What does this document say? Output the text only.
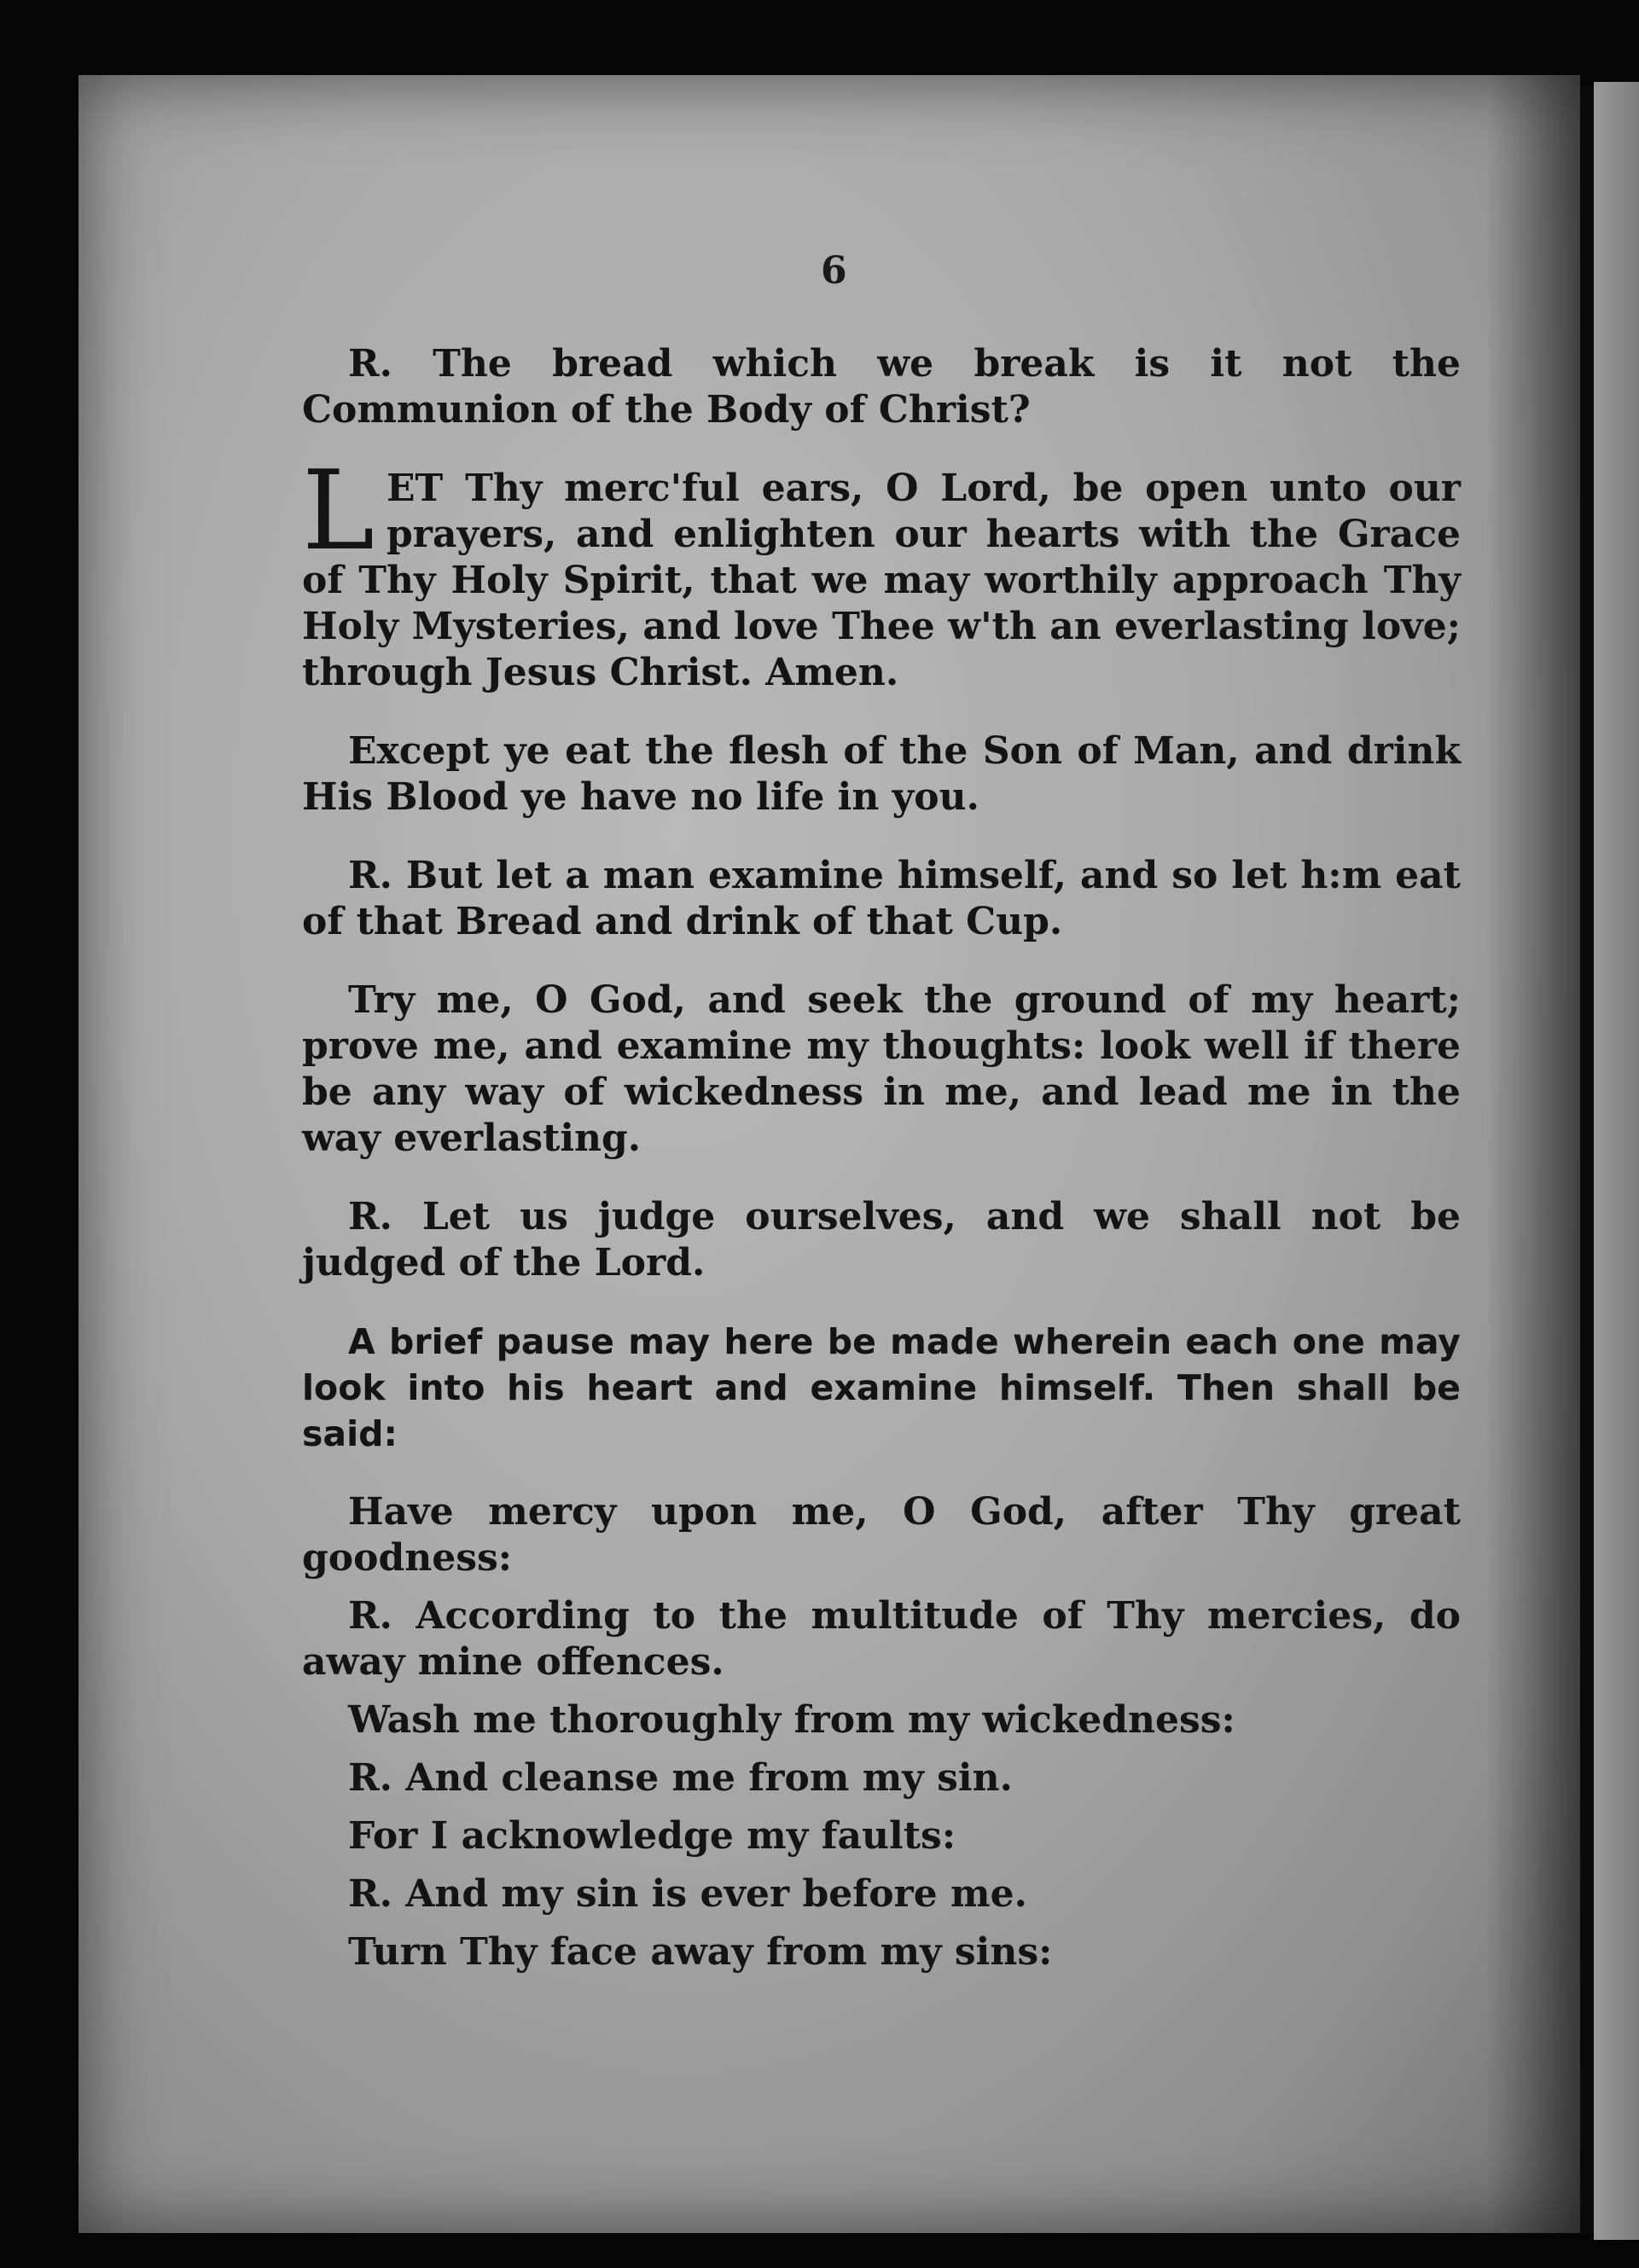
6

R. The bread which we break is it not the Communion of the Body of Christ?

LET Thy merc'ful ears, O Lord, be open unto our prayers, and enlighten our hearts with the Grace of Thy Holy Spirit, that we may worthily approach Thy Holy Mysteries, and love Thee w'th an everlasting love; through Jesus Christ. Amen.

Except ye eat the flesh of the Son of Man, and drink His Blood ye have no life in you.

R. But let a man examine himself, and so let h:m eat of that Bread and drink of that Cup.

Try me, O God, and seek the ground of my heart; prove me, and examine my thoughts: look well if there be any way of wickedness in me, and lead me in the way everlasting.

R. Let us judge ourselves, and we shall not be judged of the Lord.

A brief pause may here be made wherein each one may look into his heart and examine himself. Then shall be said:

Have mercy upon me, O God, after Thy great goodness:

R. According to the multitude of Thy mercies, do away mine offences.

Wash me thoroughly from my wickedness:

R. And cleanse me from my sin.

For I acknowledge my faults:

R. And my sin is ever before me.

Turn Thy face away from my sins:
